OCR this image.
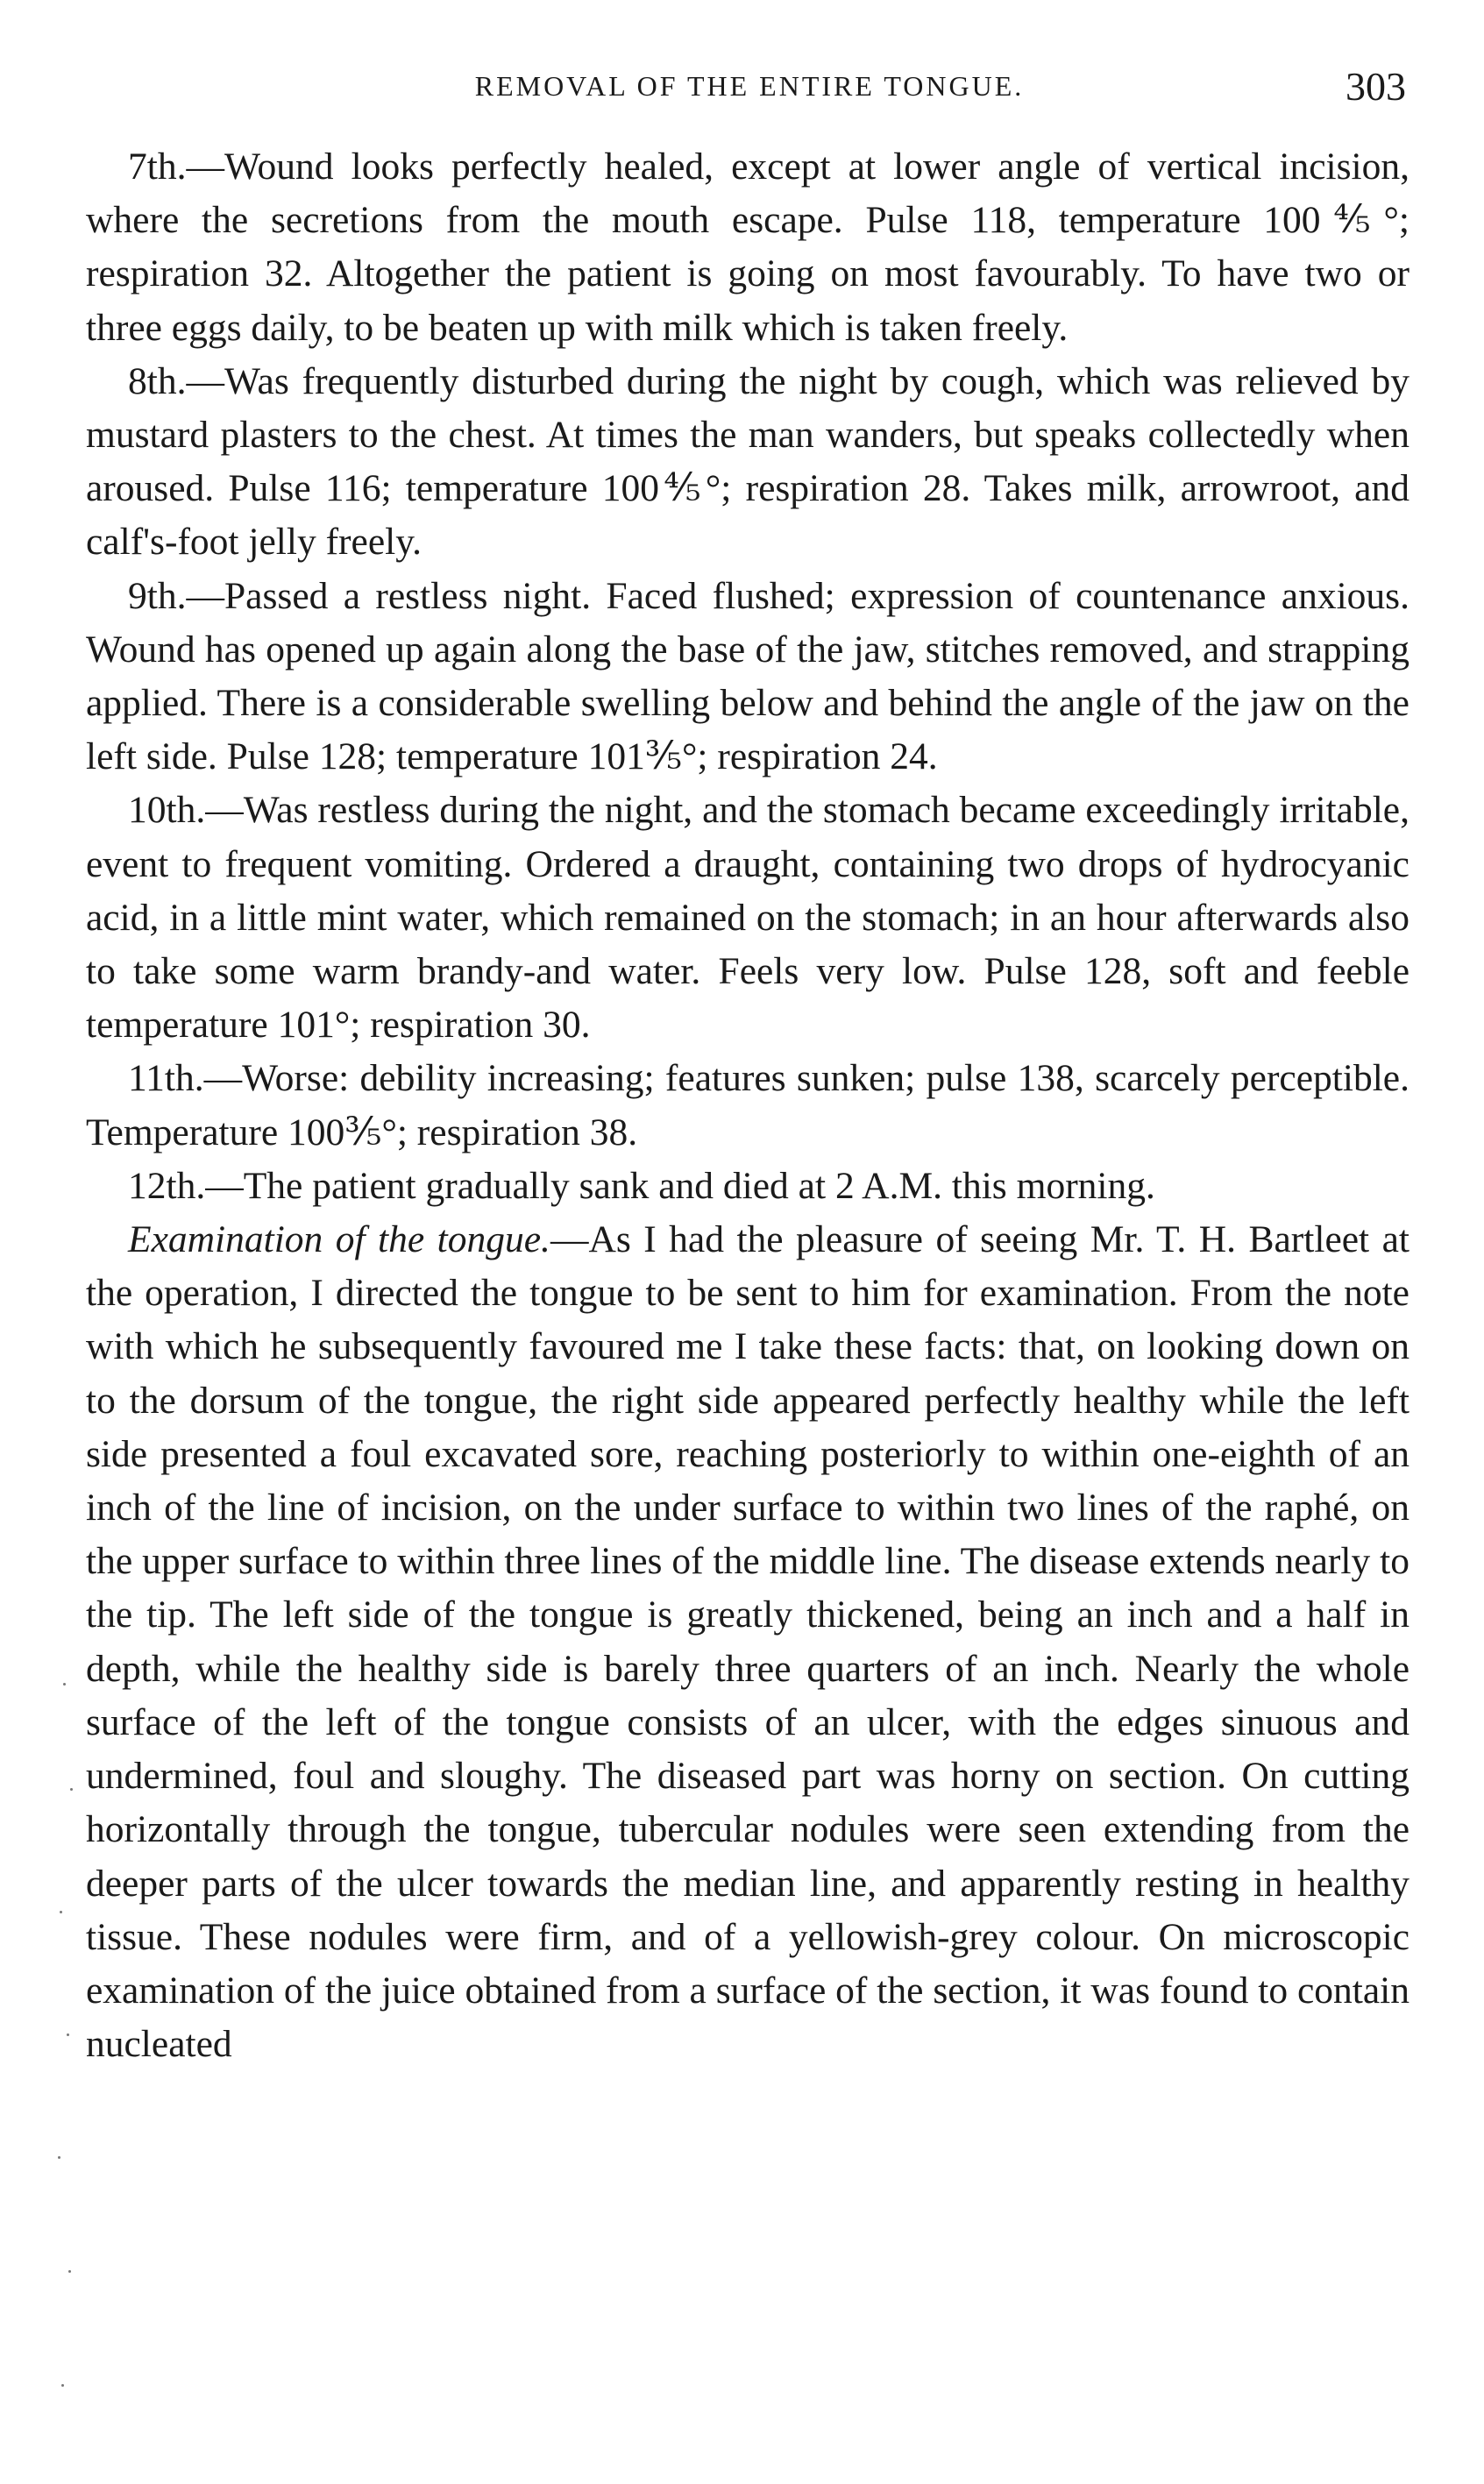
REMOVAL OF THE ENTIRE TONGUE.	303

7th.—Wound looks perfectly healed, except at lower angle of vertical incision, where the secretions from the mouth escape. Pulse 118, temperature 100⅘°; respiration 32. Altogether the patient is going on most favourably. To have two or three eggs daily, to be beaten up with milk which is taken freely.

8th.—Was frequently disturbed during the night by cough, which was relieved by mustard plasters to the chest. At times the man wanders, but speaks collectedly when aroused. Pulse 116; temperature 100⅘°; respiration 28. Takes milk, arrowroot, and calf's-foot jelly freely.

9th.—Passed a restless night. Faced flushed; expression of countenance anxious. Wound has opened up again along the base of the jaw, stitches removed, and strapping applied. There is a considerable swelling below and behind the angle of the jaw on the left side. Pulse 128; temperature 101⅗°; respiration 24.

10th.—Was restless during the night, and the stomach became exceedingly irritable, event to frequent vomiting. Ordered a draught, containing two drops of hydrocyanic acid, in a little mint water, which remained on the stomach; in an hour afterwards also to take some warm brandy-and water. Feels very low. Pulse 128, soft and feeble temperature 101°; respiration 30.

11th.—Worse: debility increasing; features sunken; pulse 138, scarcely perceptible. Temperature 100⅗°; respiration 38.

12th.—The patient gradually sank and died at 2 A.M. this morning.

Examination of the tongue.—As I had the pleasure of seeing Mr. T. H. Bartleet at the operation, I directed the tongue to be sent to him for examination. From the note with which he subsequently favoured me I take these facts: that, on looking down on to the dorsum of the tongue, the right side appeared perfectly healthy while the left side presented a foul excavated sore, reaching posteriorly to within one-eighth of an inch of the line of incision, on the under surface to within two lines of the raphé, on the upper surface to within three lines of the middle line. The disease extends nearly to the tip. The left side of the tongue is greatly thickened, being an inch and a half in depth, while the healthy side is barely three quarters of an inch. Nearly the whole surface of the left of the tongue consists of an ulcer, with the edges sinuous and undermined, foul and sloughy. The diseased part was horny on section. On cutting horizontally through the tongue, tubercular nodules were seen extending from the deeper parts of the ulcer towards the median line, and apparently resting in healthy tissue. These nodules were firm, and of a yellowish-grey colour. On microscopic examination of the juice obtained from a surface of the section, it was found to contain nucleated
